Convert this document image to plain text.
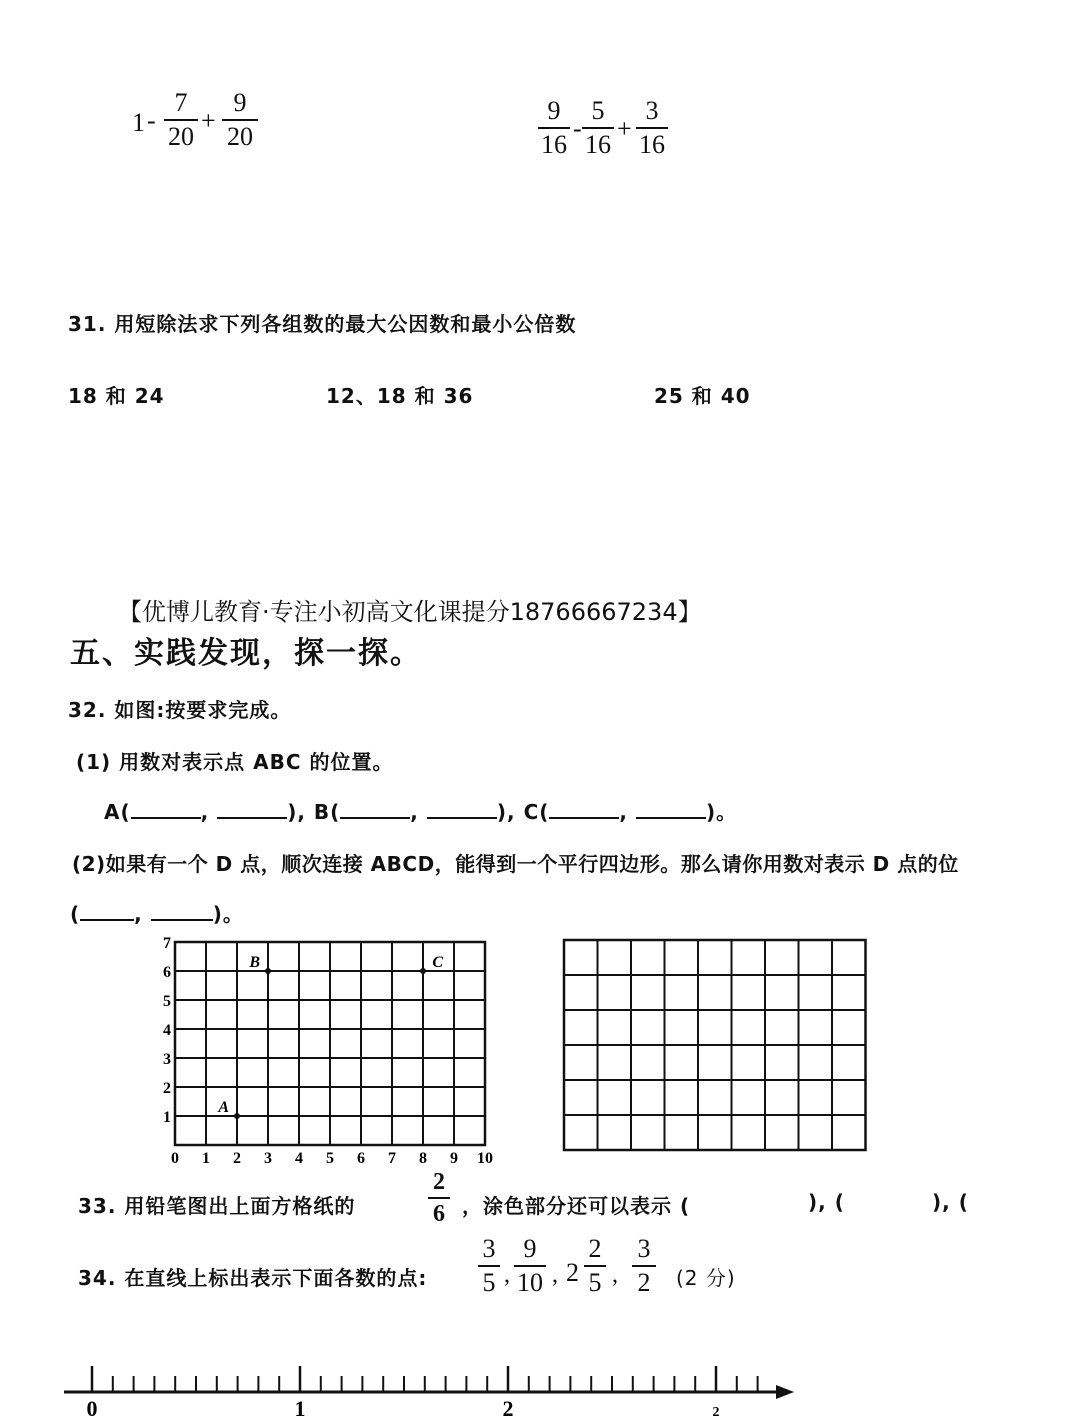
1 -
7
20
+
9
20
9
16
-
5
16
+
3
16
31. 用短除法求下列各组数的最大公因数和最小公倍数
18 和 24	12、18 和 36	25 和 40
【优博儿教育·专注小初高文化课提分18766667234】
五、实践发现，探一探。
32. 如图:按要求完成。
(1) 用数对表示点 ABC 的位置。
A(	,	), B(	,	), C(	,	)。
(2)如果有一个 D 点，顺次连接 ABCD，能得到一个平行四边形。那么请你用数对表示 D 点的位
(	,	)。
0 1 2 3 4 5 6 7 8 9 10
1
2
3
4
5
6
7
A
B	C
33. 用铅笔图出上面方格纸的
2
6 ，涂色部分还可以表示 (	), (	), (
34. 在直线上标出表示下面各数的点:
3
5 ,
9
10 , 2
2
5 ,
3
2 (2 分)
0	1	2	2
